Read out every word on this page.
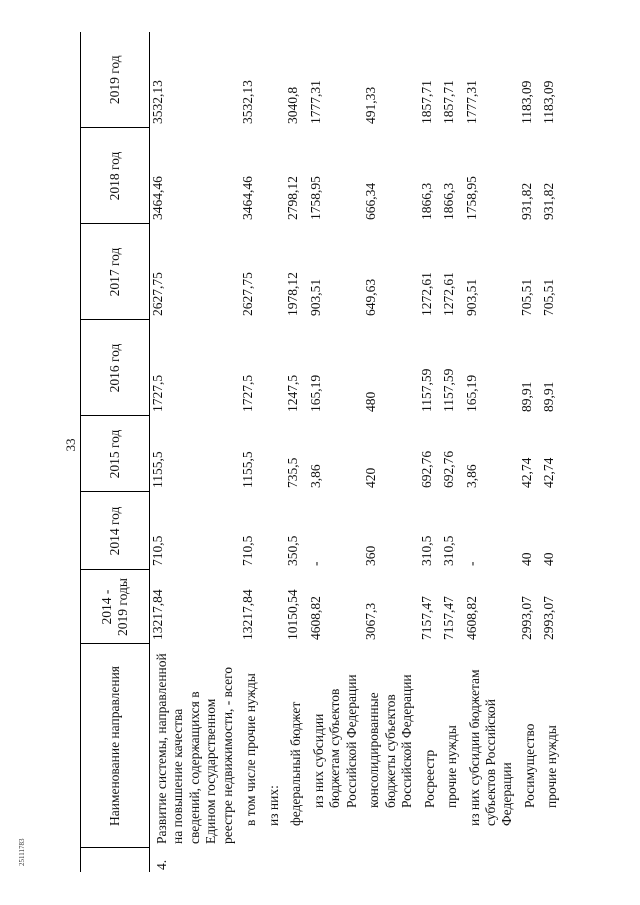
33
25111783
	Наименование направления	2014 - 2019 годы	2014 год	2015 год	2016 год	2017 год	2018 год	2019 год
4.	Развитие системы, направленной на повышение качества сведений, содержащихся в Едином государственном реестре недвижимости, - всего	13217,84	710,5	1155,5	1727,5	2627,75	3464,46	3532,13
	в том числе прочие нужды	13217,84	710,5	1155,5	1727,5	2627,75	3464,46	3532,13
	из них:							
	федеральный бюджет	10150,54	350,5	735,5	1247,5	1978,12	2798,12	3040,8
	из них субсидии бюджетам субъектов Российской Федерации	4608,82	-	3,86	165,19	903,51	1758,95	1777,31
	консолидированные бюджеты субъектов Российской Федерации	3067,3	360	420	480	649,63	666,34	491,33
	Росреестр	7157,47	310,5	692,76	1157,59	1272,61	1866,3	1857,71
	прочие нужды	7157,47	310,5	692,76	1157,59	1272,61	1866,3	1857,71
	из них субсидии бюджетам субъектов Российской Федерации	4608,82	-	3,86	165,19	903,51	1758,95	1777,31
	Росимущество	2993,07	40	42,74	89,91	705,51	931,82	1183,09
	прочие нужды	2993,07	40	42,74	89,91	705,51	931,82	1183,09
